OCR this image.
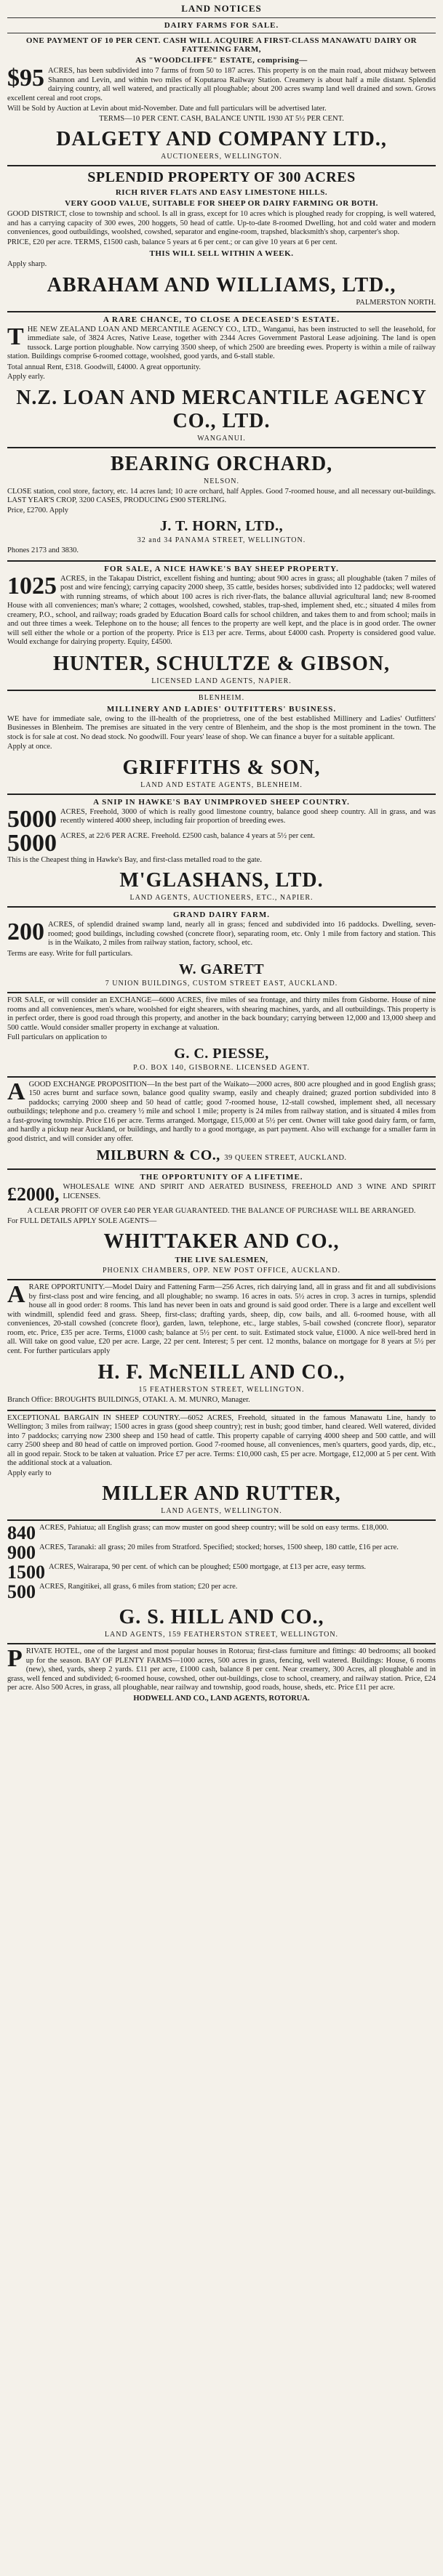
LAND NOTICES
DAIRY FARMS FOR SALE.
ONE PAYMENT OF 10 PER CENT. CASH WILL ACQUIRE A FIRST-CLASS MANAWATU DAIRY OR FATTENING FARM,
AS "WOODCLIFFE" ESTATE, comprising—
$95 ACRES, has been subdivided into 7 farms of from 50 to 187 acres. This property is on the main road, about midway between Shannon and Levin, and within two miles of Koputaroa Railway Station. Creamery is about half a mile distant. Splendid dairying country, all well watered, and practically all ploughable; about 200 acres swamp land well drained and sown. Grows excellent cereal and root crops.
Will be Sold by Auction at Levin about mid-November. Date and full particulars will be advertised later.
TERMS—10 PER CENT. CASH, BALANCE UNTIL 1930 AT 5½ PER CENT.
DALGETY AND COMPANY LTD.,
AUCTIONEERS, WELLINGTON.
SPLENDID PROPERTY OF 300 ACRES
RICH RIVER FLATS AND EASY LIMESTONE HILLS.
VERY GOOD VALUE, SUITABLE FOR SHEEP OR DAIRY FARMING OR BOTH.
GOOD DISTRICT, close to township and school. Is all in grass, except for 10 acres which is ploughed ready for cropping, is well watered, and has a carrying capacity of 300 ewes, 200 hoggets, 50 head of cattle. Up-to-date 8-roomed Dwelling, hot and cold water and modern conveniences, good outbuildings, woolshed, cowshed, separator and engine-room, trapshed, blacksmith's shop, carpenter's shop.
PRICE, £20 per acre. TERMS, £1500 cash, balance 5 years at 6 per cent.; or can give 10 years at 6 per cent.
THIS WILL SELL WITHIN A WEEK.
Apply sharp.
ABRAHAM AND WILLIAMS, LTD.,
PALMERSTON NORTH.
A RARE CHANCE, TO CLOSE A DECEASED'S ESTATE.
THE NEW ZEALAND LOAN AND MERCANTILE AGENCY CO., LTD., Wanganui, has been instructed to sell the leasehold, for immediate sale, of 3824 Acres, Native Lease, together with 2344 Acres Government Pastoral Lease adjoining. The land is open tussock. Large portion ploughable. Now carrying 3500 sheep, of which 2500 are breeding ewes. Property is within a mile of railway station. Buildings comprise 6-roomed cottage, woolshed, good yards, and 6-stall stable.
Total annual Rent, £318. Goodwill, £4000. A great opportunity.
Apply early.
N.Z. LOAN AND MERCANTILE AGENCY CO., LTD.
WANGANUI.
BEARING ORCHARD,
NELSON.
CLOSE station, cool store, factory, etc. 14 acres land; 10 acre orchard, half Apples. Good 7-roomed house, and all necessary out-buildings. LAST YEAR'S CROP, 3200 CASES, PRODUCING £900 STERLING.
Price, £2700. Apply
J. T. HORN, LTD.,
32 and 34 PANAMA STREET, WELLINGTON.
Phones 2173 and 3830.
FOR SALE, A NICE HAWKE'S BAY SHEEP PROPERTY.
1025 ACRES, in the Takapau District, excellent fishing and hunting; about 900 acres in grass; all ploughable (taken 7 miles of post and wire fencing); carrying capacity 2000 sheep, 35 cattle, besides horses; subdivided into 12 paddocks; well watered with running streams, of which about 100 acres is rich river-flats, the balance alluvial agricultural land; new 8-roomed House with all conveniences; man's whare; 2 cottages, woolshed, cowshed, stables, trap-shed, implement shed, etc.; situated 4 miles from creamery, P.O., school, and railway; roads graded by Education Board calls for school children, and takes them to and from school; mails in and out three times a week. Telephone on to the house; all fences to the property are well kept, and the place is in good order. The owner will sell either the whole or a portion of the property. Price is £13 per acre. Terms, about £4000 cash. Property is considered good value. Would exchange for dairying property. Equity, £4500.
HUNTER, SCHULTZE & GIBSON,
LICENSED LAND AGENTS, NAPIER.
BLENHEIM.
MILLINERY AND LADIES' OUTFITTERS' BUSINESS.
WE have for immediate sale, owing to the ill-health of the proprietress, one of the best established Millinery and Ladies' Outfitters' Businesses in Blenheim. The premises are situated in the very centre of Blenheim, and the shop is the most prominent in the town. The stock is for sale at cost. No dead stock. No goodwill. Four years' lease of shop. We can finance a buyer for a suitable applicant.
Apply at once.
GRIFFITHS & SON,
LAND AND ESTATE AGENTS, BLENHEIM.
A SNIP IN HAWKE'S BAY UNIMPROVED SHEEP COUNTRY.
5000 ACRES, Freehold, 3000 of which is really good limestone country, balance good sheep country. All in grass, and was recently wintered 4000 sheep, including fair proportion of breeding ewes.
5000 ACRES, at 22/6 PER ACRE. Freehold. £2500 cash, balance 4 years at 5½ per cent.
This is the Cheapest thing in Hawke's Bay, and first-class metalled road to the gate.
M'GLASHANS, LTD.
LAND AGENTS, AUCTIONEERS, ETC., NAPIER.
GRAND DAIRY FARM.
200 ACRES, of splendid drained swamp land, nearly all in grass; fenced and subdivided into 16 paddocks. Dwelling, seven-roomed; good buildings, including cowshed (concrete floor), separating room, etc. Only 1 mile from factory and station. This is in the Waikato, 2 miles from railway station, factory, school, etc.
Terms are easy. Write for full particulars.
W. GARETT
7 UNION BUILDINGS, CUSTOM STREET EAST, AUCKLAND.
FOR SALE, or will consider an EXCHANGE—6000 ACRES, five miles of sea frontage, and thirty miles from Gisborne. House of nine rooms and all conveniences, men's whare, woolshed for eight shearers, with shearing machines, yards, and all outbuildings. This property is in perfect order, there is good road through this property, and another in the back boundary; carrying between 12,000 and 13,000 sheep and 500 cattle. Would consider smaller property in exchange at valuation.
Full particulars on application to
G. C. PIESSE,
P.O. BOX 140, GISBORNE. LICENSED AGENT.
AGOOD EXCHANGE PROPOSITION—In the best part of the Waikato—2000 acres, 800 acre ploughed and in good English grass; 150 acres burnt and surface sown, balance good quality swamp, easily and cheaply drained; grazed portion subdivided into 8 paddocks; carrying 2000 sheep and 50 head of cattle; good 7-roomed house, 12-stall cowshed, implement shed, all necessary outbuildings; telephone and p.o. creamery ½ mile and school 1 mile; property is 24 miles from railway station, and is situated 4 miles from a fast-growing township. Price £16 per acre. Terms arranged. Mortgage, £15,000 at 5½ per cent. Owner will take good dairy farm, or farm, and hardly a pickup near Auckland, or buildings, and hardly to a good mortgage, as part payment. Also will exchange for a smaller farm in good district, and will consider any offer.
MILBURN & CO., 39 QUEEN STREET, AUCKLAND.
THE OPPORTUNITY OF A LIFETIME.
£2000, WHOLESALE WINE AND SPIRIT AND AERATED BUSINESS, FREEHOLD AND 3 WINE AND SPIRIT LICENSES.
A CLEAR PROFIT OF OVER £40 PER YEAR GUARANTEED. THE BALANCE OF PURCHASE WILL BE ARRANGED.
For FULL DETAILS APPLY SOLE AGENTS—
WHITTAKER AND CO.,
THE LIVE SALESMEN,
PHOENIX CHAMBERS, OPP. NEW POST OFFICE, AUCKLAND.
ARARE OPPORTUNITY.—Model Dairy and Fattening Farm—256 Acres, rich dairying land, all in grass and fit and all subdivisions by first-class post and wire fencing, and all ploughable; no swamp. 16 acres in oats. 5½ acres in crop. 3 acres in turnips, splendid house all in good order: 8 rooms. This land has never been in oats and ground is said good order. There is a large and excellent well with windmill, splendid feed and grass. Sheep, first-class; drafting yards, sheep, dip, cow bails, and all. 6-roomed house, with all conveniences, 20-stall cowshed (concrete floor), garden, lawn, telephone, etc., large stables, 5-bail cowshed (concrete floor), separator room, etc. Price, £35 per acre. Terms, £1000 cash; balance at 5½ per cent. to suit. Estimated stock value, £1000. A nice well-bred herd in all. Will take on good value, £20 per acre. Large, 22 per cent. Interest; 5 per cent. 12 months, balance on mortgage for 8 years at 5½ per cent. For further particulars apply
H. F. McNEILL AND CO.,
15 FEATHERSTON STREET, WELLINGTON.
Branch Office: BROUGHTS BUILDINGS, OTAKI. A. M. MUNRO, Manager.
EXCEPTIONAL BARGAIN IN SHEEP COUNTRY.—6052 ACRES, Freehold, situated in the famous Manawatu Line, handy to Wellington; 3 miles from railway; 1500 acres in grass (good sheep country); rest in bush; good timber, hand cleared. Well watered, divided into 7 paddocks; carrying now 2300 sheep and 150 head of cattle. This property capable of carrying 4000 sheep and 500 cattle, and will carry 2500 sheep and 80 head of cattle on improved portion. Good 7-roomed house, all conveniences, men's quarters, good yards, dip, etc., all in good repair. Stock to be taken at valuation. Price £7 per acre. Terms: £10,000 cash, £5 per acre. Mortgage, £12,000 at 5 per cent. With the additional stock at a valuation.
Apply early to
MILLER AND RUTTER,
LAND AGENTS, WELLINGTON.
840 ACRES, Pahiatua; all English grass; can mow muster on good sheep country; will be sold on easy terms. £18,000.
900 ACRES, Taranaki: all grass; 20 miles from Stratford. Specified; stocked; horses, 1500 sheep, 180 cattle, £16 per acre.
1500 ACRES, Wairarapa, 90 per cent. of which can be ploughed; £500 mortgage, at £13 per acre, easy terms.
500 ACRES, Rangitikei, all grass, 6 miles from station; £20 per acre.
G. S. HILL AND CO.,
LAND AGENTS, 159 FEATHERSTON STREET, WELLINGTON.
PRIVATE HOTEL, one of the largest and most popular houses in Rotorua; first-class furniture and fittings: 40 bedrooms; all booked up for the season. BAY OF PLENTY FARMS—1000 acres, 500 acres in grass, fencing, well watered. Buildings: House, 6 rooms (new), shed, yards, sheep 2 yards. £11 per acre, £1000 cash, balance 8 per cent. Near creamery, 300 Acres, all ploughable and in grass, well fenced and subdivided; 6-roomed house, cowshed, other out-buildings, close to school, creamery, and railway station. Price, £24 per acre. Also 500 Acres, in grass, all ploughable, near railway and township, good roads, house, sheds, etc. Price £11 per acre.
HODWELL AND CO., LAND AGENTS, ROTORUA.
